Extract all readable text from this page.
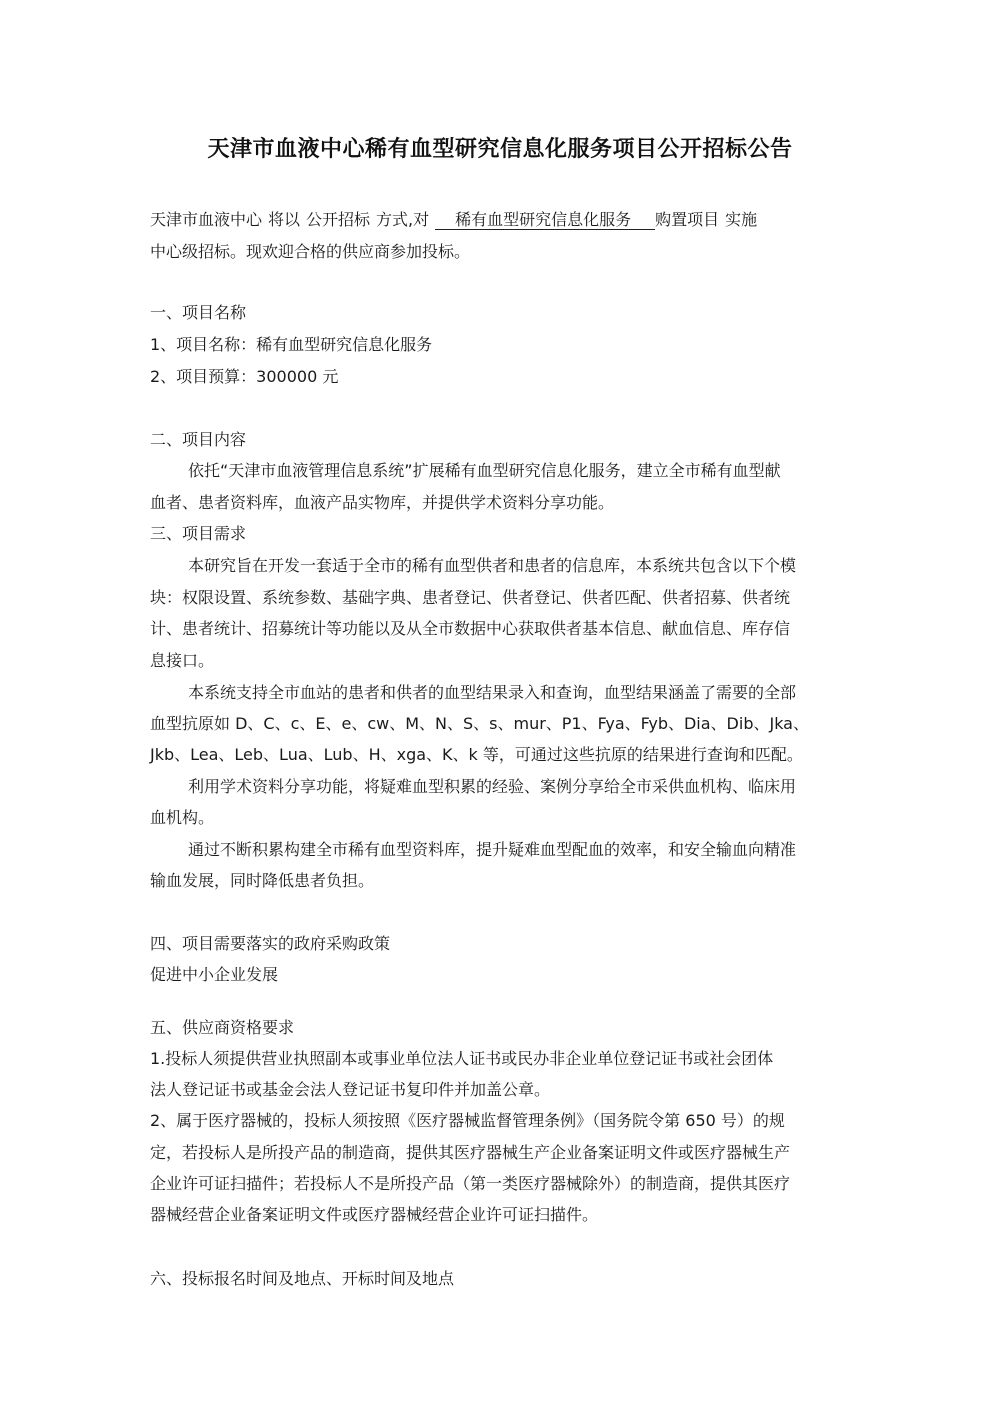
天津市血液中心稀有血型研究信息化服务项目公开招标公告
天津市血液中心 将以 公开招标 方式,对 稀有血型研究信息化服务 购置项目 实施
中心级招标。现欢迎合格的供应商参加投标。
一、项目名称
1、项目名称：稀有血型研究信息化服务
2、项目预算：300000 元
二、项目内容
依托“天津市血液管理信息系统”扩展稀有血型研究信息化服务，建立全市稀有血型献
血者、患者资料库，血液产品实物库，并提供学术资料分享功能。
三、项目需求
本研究旨在开发一套适于全市的稀有血型供者和患者的信息库，本系统共包含以下个模
块：权限设置、系统参数、基础字典、患者登记、供者登记、供者匹配、供者招募、供者统
计、患者统计、招募统计等功能以及从全市数据中心获取供者基本信息、献血信息、库存信
息接口。
本系统支持全市血站的患者和供者的血型结果录入和查询，血型结果涵盖了需要的全部
血型抗原如 D、C、c、E、e、cw、M、N、S、s、mur、P1、Fya、Fyb、Dia、Dib、Jka、
Jkb、Lea、Leb、Lua、Lub、H、xga、K、k 等，可通过这些抗原的结果进行查询和匹配。
利用学术资料分享功能，将疑难血型积累的经验、案例分享给全市采供血机构、临床用
血机构。
通过不断积累构建全市稀有血型资料库，提升疑难血型配血的效率，和安全输血向精准
输血发展，同时降低患者负担。
四、项目需要落实的政府采购政策
促进中小企业发展
五、供应商资格要求
1.投标人须提供营业执照副本或事业单位法人证书或民办非企业单位登记证书或社会团体
法人登记证书或基金会法人登记证书复印件并加盖公章。
2、属于医疗器械的，投标人须按照《医疗器械监督管理条例》（国务院令第 650 号）的规
定，若投标人是所投产品的制造商，提供其医疗器械生产企业备案证明文件或医疗器械生产
企业许可证扫描件；若投标人不是所投产品（第一类医疗器械除外）的制造商，提供其医疗
器械经营企业备案证明文件或医疗器械经营企业许可证扫描件。
六、投标报名时间及地点、开标时间及地点
